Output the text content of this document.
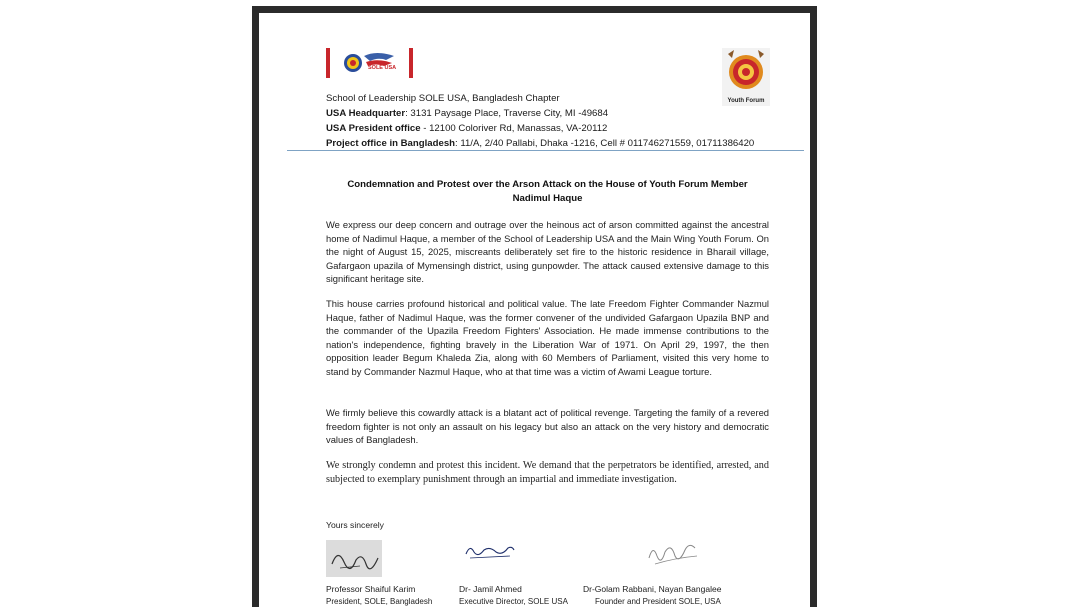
SOLE USA
Youth Forum
School of Leadership SOLE USA, Bangladesh Chapter
USA Headquarter: 3131 Paysage Place, Traverse City, MI -49684
USA President office - 12100 Coloriver Rd, Manassas, VA-20112
Project office in Bangladesh: 11/A, 2/40 Pallabi, Dhaka -1216, Cell # 011746271559, 01711386420
Condemnation and Protest over the Arson Attack on the House of Youth Forum Member
Nadimul Haque
We express our deep concern and outrage over the heinous act of arson committed against the ancestral home of Nadimul Haque, a member of the School of Leadership USA and the Main Wing Youth Forum. On the night of August 15, 2025, miscreants deliberately set fire to the historic residence in Bharail village, Gafargaon upazila of Mymensingh district, using gunpowder. The attack caused extensive damage to this significant heritage site.
This house carries profound historical and political value. The late Freedom Fighter Commander Nazmul Haque, father of Nadimul Haque, was the former convener of the undivided Gafargaon Upazila BNP and the commander of the Upazila Freedom Fighters' Association. He made immense contributions to the nation's independence, fighting bravely in the Liberation War of 1971. On April 29, 1997, the then opposition leader Begum Khaleda Zia, along with 60 Members of Parliament, visited this very home to stand by Commander Nazmul Haque, who at that time was a victim of Awami League torture.
We firmly believe this cowardly attack is a blatant act of political revenge. Targeting the family of a revered freedom fighter is not only an assault on his legacy but also an attack on the very history and democratic values of Bangladesh.
We strongly condemn and protest this incident. We demand that the perpetrators be identified, arrested, and subjected to exemplary punishment through an impartial and immediate investigation.
Yours sincerely
Professor Shaiful Karim
President, SOLE, Bangladesh
Dr- Jamil Ahmed
Executive Director, SOLE USA
Dr-Golam Rabbani, Nayan Bangalee
Founder and President SOLE, USA
